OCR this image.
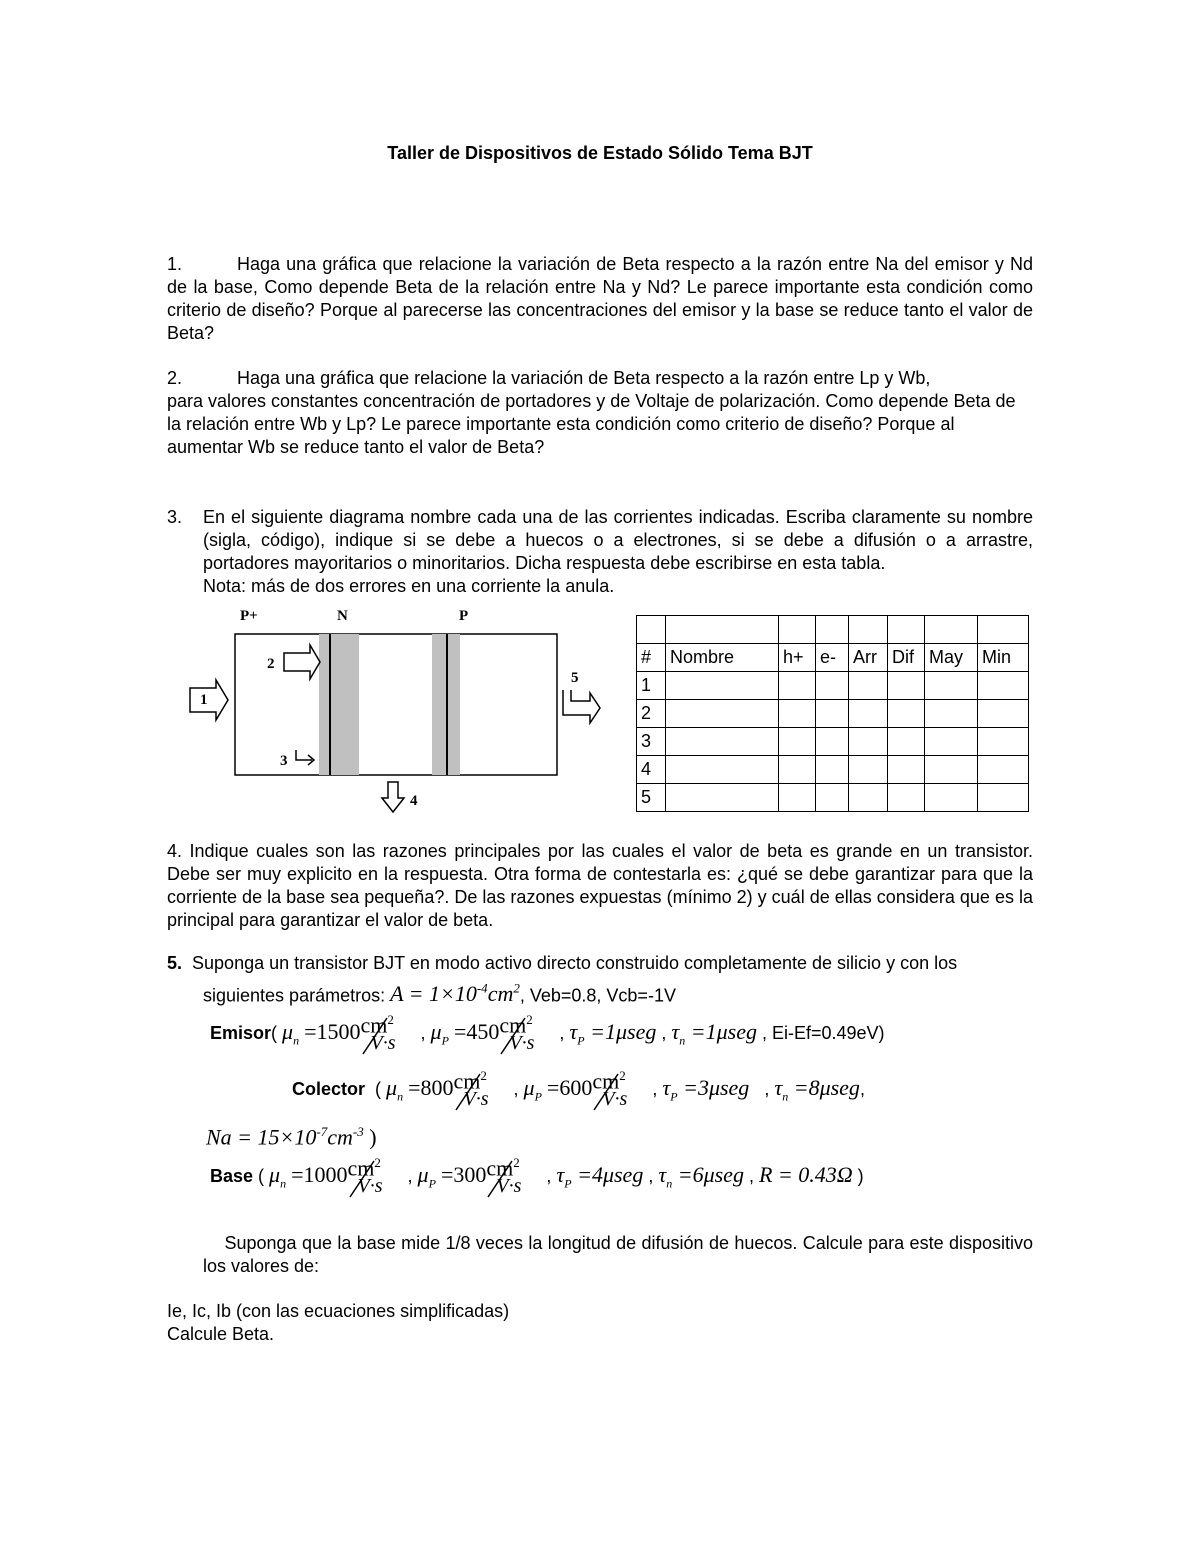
Taller de Dispositivos de Estado Sólido Tema BJT
1.	Haga una gráfica que relacione la variación de Beta respecto a la razón entre Na del emisor y Nd de la base, Como depende Beta de la relación entre Na y Nd? Le parece importante esta condición como criterio de diseño? Porque al parecerse las concentraciones del emisor y la base se reduce tanto el valor de Beta?
2.	Haga una gráfica que relacione la variación de Beta respecto a la razón entre Lp y Wb,
para valores constantes concentración de portadores y de Voltaje de polarización. Como depende Beta de la relación entre Wb y Lp? Le parece importante esta condición como criterio de diseño? Porque al aumentar Wb se reduce tanto el valor de Beta?
3.	En el siguiente diagrama nombre cada una de las corrientes indicadas. Escriba claramente su nombre (sigla, código), indique si se debe a huecos o a electrones, si se debe a difusión o a arrastre, portadores mayoritarios o minoritarios. Dicha respuesta debe escribirse en esta tabla.
Nota: más de dos errores en una corriente la anula.
P+	N	P
1
2
3
4
5

#	Nombre	h+	e-	Arr	Dif	May	Min
1							
2							
3							
4							
5							
4. Indique cuales son las razones principales por las cuales el valor de beta es grande en un transistor. Debe ser muy explicito en la respuesta. Otra forma de contestarla es: ¿qué se debe garantizar para que la corriente de la base sea pequeña?. De las razones expuestas (mínimo 2) y cuál de ellas considera que es la principal para garantizar el valor de beta.
5. Suponga un transistor BJT en modo activo directo construido completamente de silicio y con los
siguientes parámetros: $A = 1\times 10^{-4}cm^2$, Veb=0.8, Vcb=-1V
Emisor( $\mu_n =1500$ $cm^2$
V·s , $\mu_P =450$ $cm^2$
V·s , $\tau_P =1\mu seg$ , $\tau_n =1\mu seg$ , Ei-Ef=0.49eV)
Colector  ( $\mu_n =800$ $cm^2$
V·s , $\mu_P =600$ $cm^2$
V·s , $\tau_P =3\mu seg$   , $\tau_n =8\mu seg$,
$Na = 15\times 10^{-7}cm^{-3}$ )
Base ( $\mu_n =1000$ $cm^2$
V·s , $\mu_P =300$ $cm^2$
V·s , $\tau_P =4\mu seg$ , $\tau_n =6\mu seg$ , R = 0.43Ω )
Suponga que la base mide 1/8 veces la longitud de difusión de huecos. Calcule para este dispositivo los valores de:
Ie, Ic, Ib (con las ecuaciones simplificadas)
Calcule Beta.
